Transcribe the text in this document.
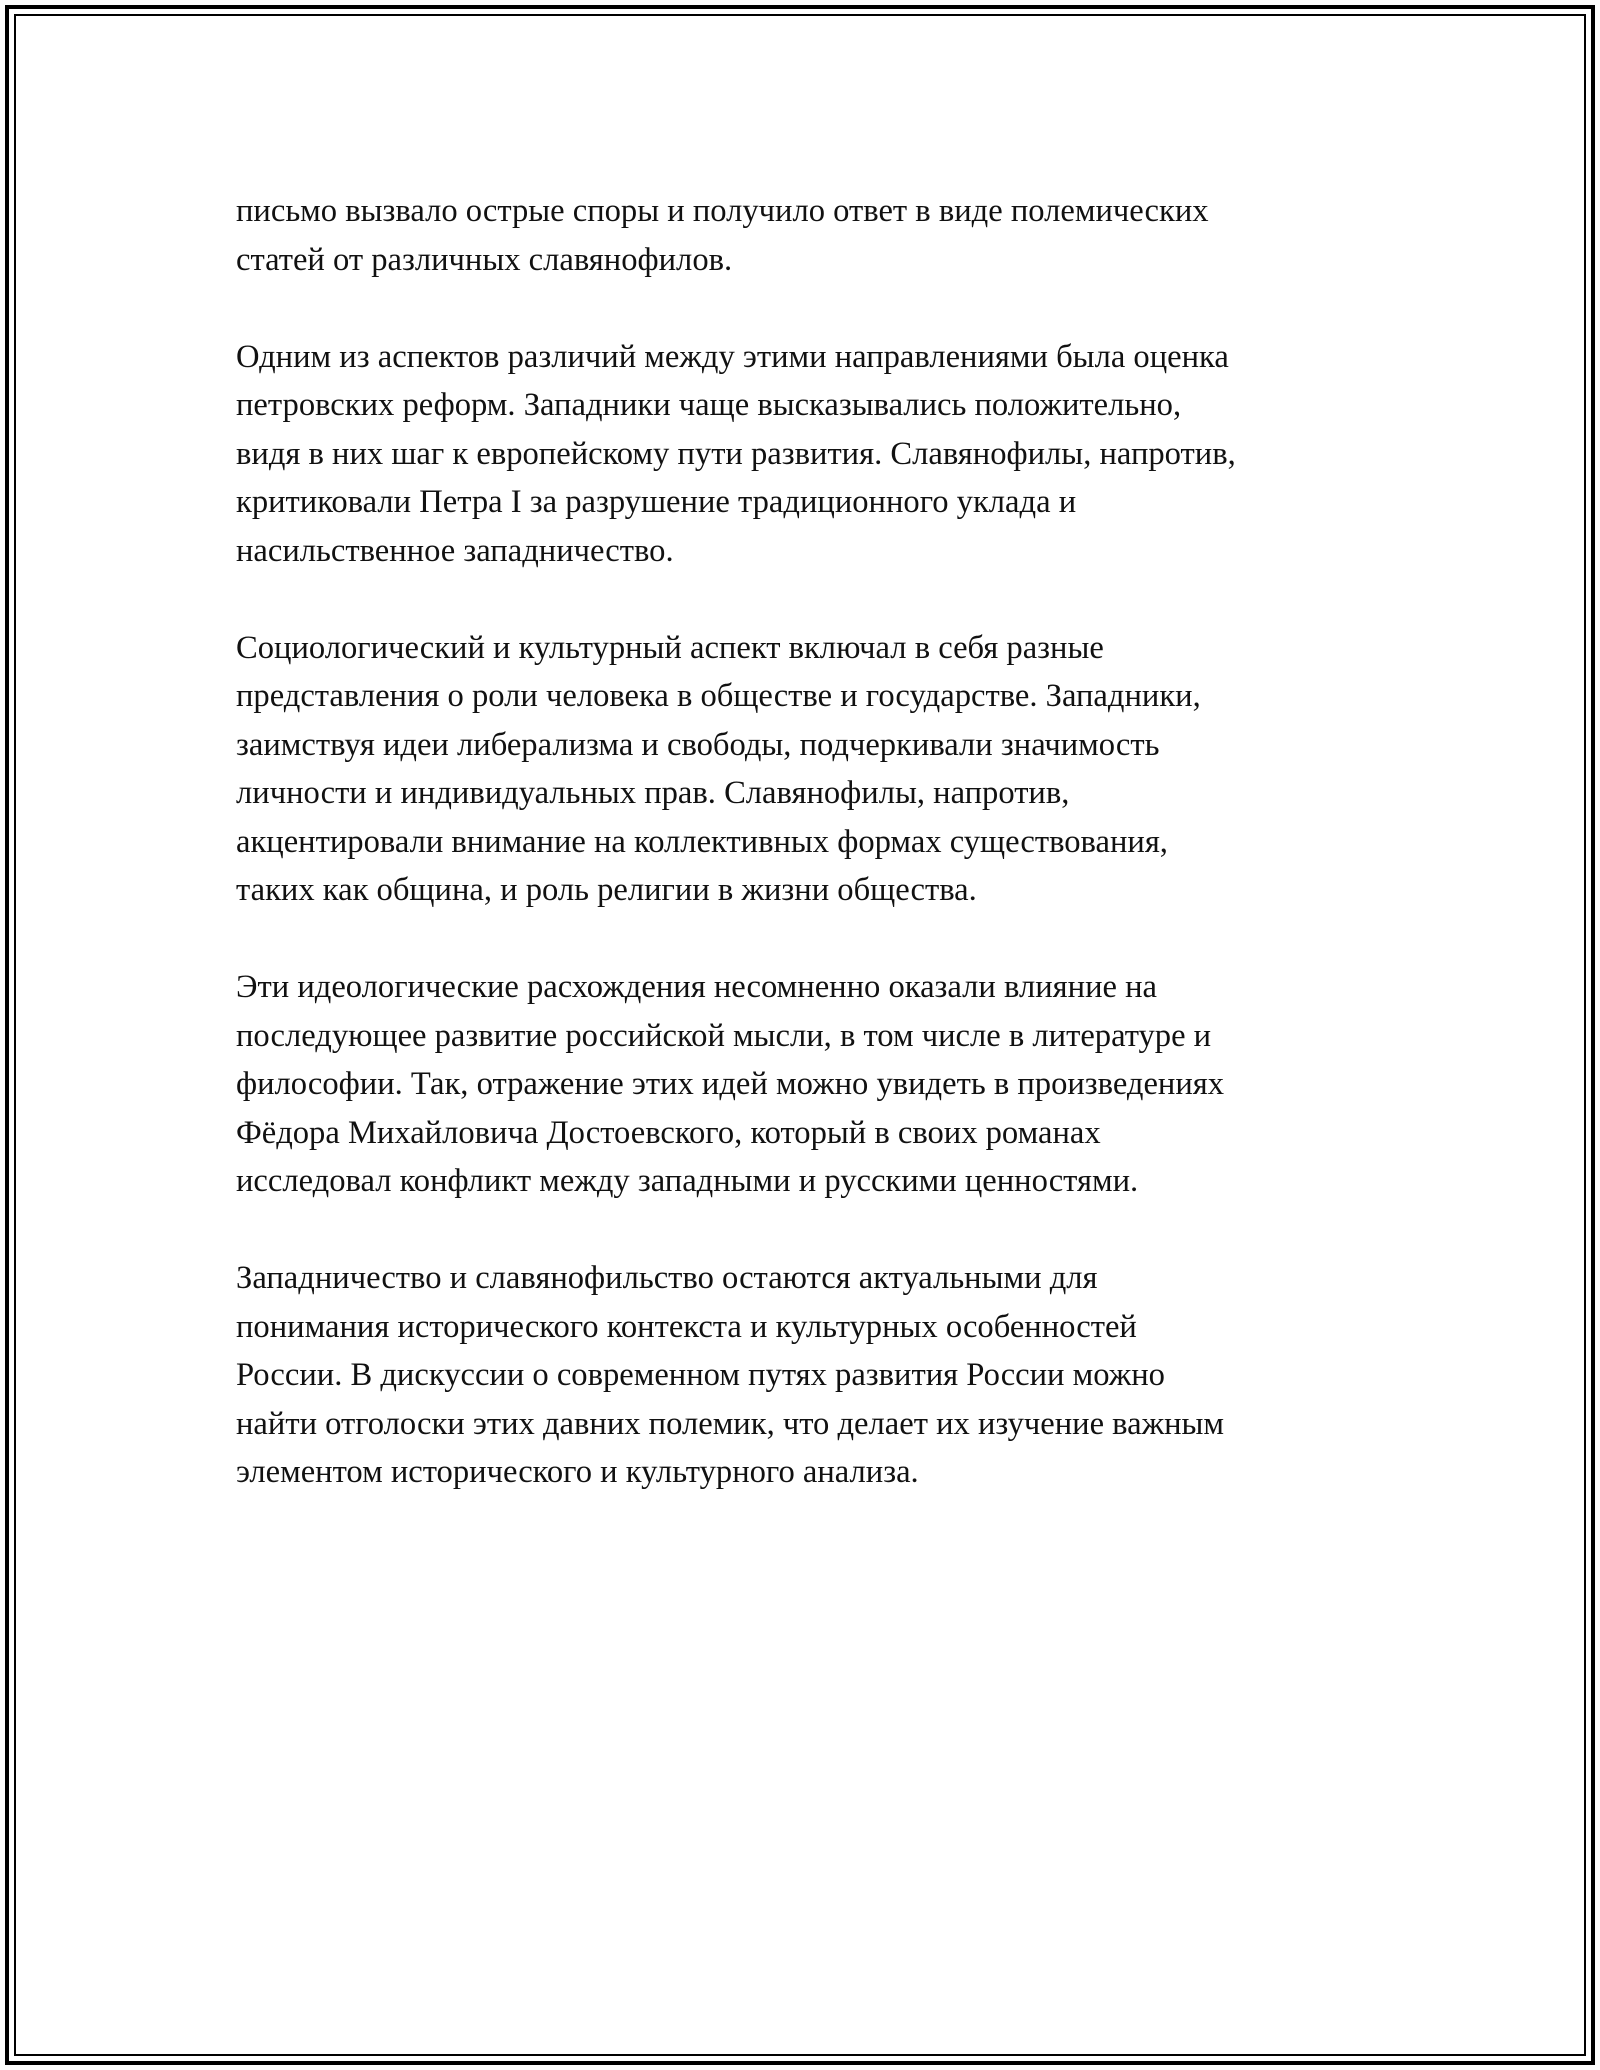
письмо вызвало острые споры и получило ответ в виде полемических
статей от различных славянофилов.

Одним из аспектов различий между этими направлениями была оценка
петровских реформ. Западники чаще высказывались положительно,
видя в них шаг к европейскому пути развития. Славянофилы, напротив,
критиковали Петра I за разрушение традиционного уклада и
насильственное западничество.

Социологический и культурный аспект включал в себя разные
представления о роли человека в обществе и государстве. Западники,
заимствуя идеи либерализма и свободы, подчеркивали значимость
личности и индивидуальных прав. Славянофилы, напротив,
акцентировали внимание на коллективных формах существования,
таких как община, и роль религии в жизни общества.

Эти идеологические расхождения несомненно оказали влияние на
последующее развитие российской мысли, в том числе в литературе и
философии. Так, отражение этих идей можно увидеть в произведениях
Фёдора Михайловича Достоевского, который в своих романах
исследовал конфликт между западными и русскими ценностями.

Западничество и славянофильство остаются актуальными для
понимания исторического контекста и культурных особенностей
России. В дискуссии о современном путях развития России можно
найти отголоски этих давних полемик, что делает их изучение важным
элементом исторического и культурного анализа.
